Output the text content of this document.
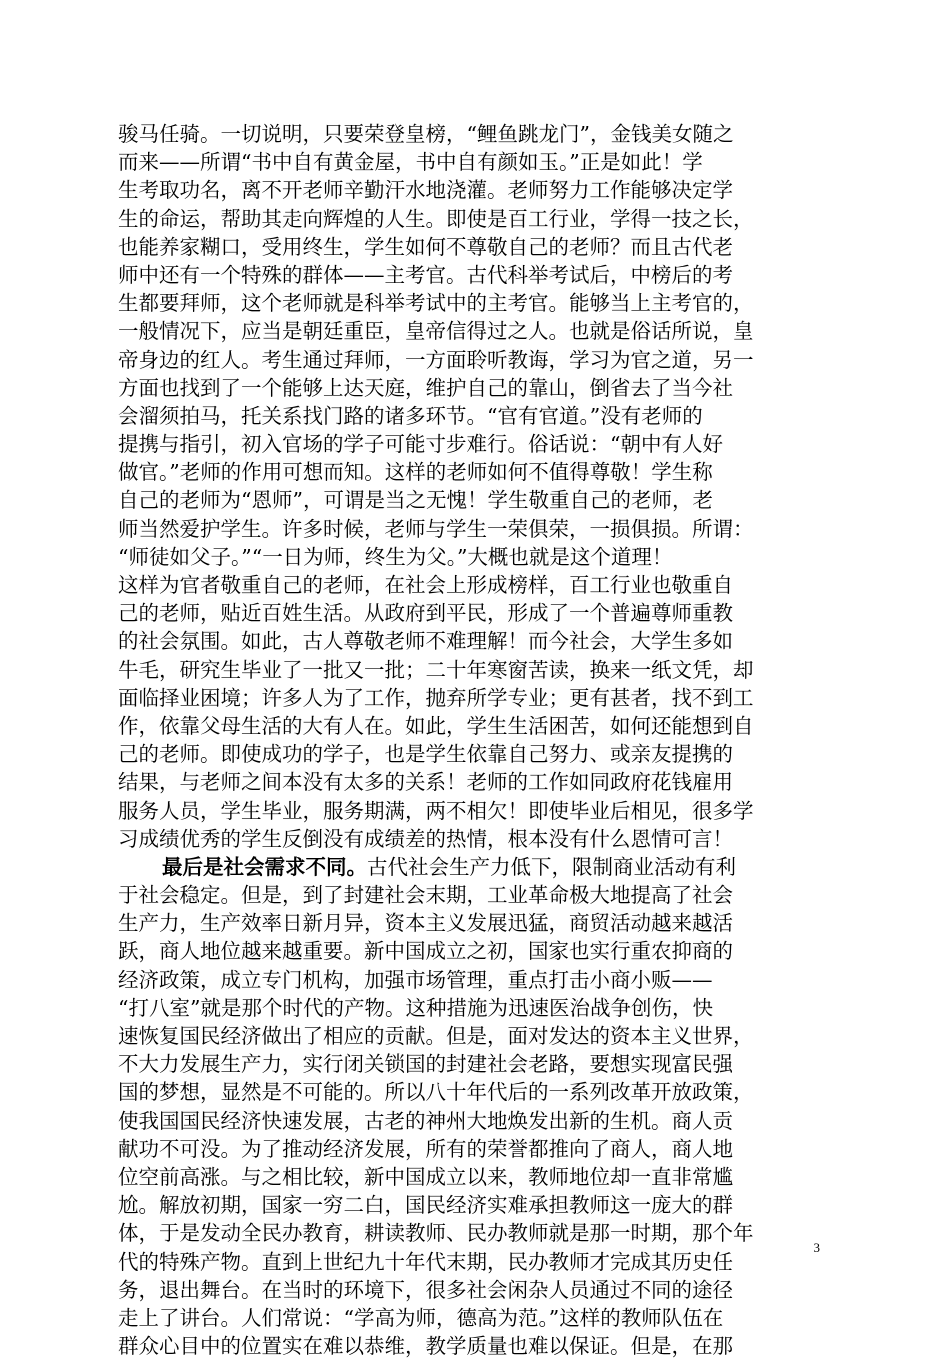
骏马任骑。一切说明，只要荣登皇榜，“鲤鱼跳龙门”，金钱美女随之
而来——所谓“书中自有黄金屋，书中自有颜如玉。”正是如此！学
生考取功名，离不开老师辛勤汗水地浇灌。老师努力工作能够决定学
生的命运，帮助其走向辉煌的人生。即使是百工行业，学得一技之长，
也能养家糊口，受用终生，学生如何不尊敬自己的老师？而且古代老
师中还有一个特殊的群体——主考官。古代科举考试后，中榜后的考
生都要拜师，这个老师就是科举考试中的主考官。能够当上主考官的，
一般情况下，应当是朝廷重臣，皇帝信得过之人。也就是俗话所说，皇
帝身边的红人。考生通过拜师，一方面聆听教诲，学习为官之道，另一
方面也找到了一个能够上达天庭，维护自己的靠山，倒省去了当今社
会溜须拍马，托关系找门路的诸多环节。“官有官道。”没有老师的
提携与指引，初入官场的学子可能寸步难行。俗话说：“朝中有人好
做官。”老师的作用可想而知。这样的老师如何不值得尊敬！学生称
自己的老师为“恩师”，可谓是当之无愧！学生敬重自己的老师，老
师当然爱护学生。许多时候，老师与学生一荣俱荣，一损俱损。所谓：
“师徒如父子。”“一日为师，终生为父。”大概也就是这个道理！
这样为官者敬重自己的老师，在社会上形成榜样，百工行业也敬重自
己的老师，贴近百姓生活。从政府到平民，形成了一个普遍尊师重教
的社会氛围。如此，古人尊敬老师不难理解！而今社会，大学生多如
牛毛，研究生毕业了一批又一批；二十年寒窗苦读，换来一纸文凭，却
面临择业困境；许多人为了工作，抛弃所学专业；更有甚者，找不到工
作，依靠父母生活的大有人在。如此，学生生活困苦，如何还能想到自
己的老师。即使成功的学子，也是学生依靠自己努力、或亲友提携的
结果，与老师之间本没有太多的关系！老师的工作如同政府花钱雇用
服务人员，学生毕业，服务期满，两不相欠！即使毕业后相见，很多学
习成绩优秀的学生反倒没有成绩差的热情，根本没有什么恩情可言！
最后是社会需求不同。古代社会生产力低下，限制商业活动有利
于社会稳定。但是，到了封建社会末期，工业革命极大地提高了社会
生产力，生产效率日新月异，资本主义发展迅猛，商贸活动越来越活
跃，商人地位越来越重要。新中国成立之初，国家也实行重农抑商的
经济政策，成立专门机构，加强市场管理，重点打击小商小贩——
“打八室”就是那个时代的产物。这种措施为迅速医治战争创伤，快
速恢复国民经济做出了相应的贡献。但是，面对发达的资本主义世界，
不大力发展生产力，实行闭关锁国的封建社会老路，要想实现富民强
国的梦想，显然是不可能的。所以八十年代后的一系列改革开放政策，
使我国国民经济快速发展，古老的神州大地焕发出新的生机。商人贡
献功不可没。为了推动经济发展，所有的荣誉都推向了商人，商人地
位空前高涨。与之相比较，新中国成立以来，教师地位却一直非常尴
尬。解放初期，国家一穷二白，国民经济实难承担教师这一庞大的群
体，于是发动全民办教育，耕读教师、民办教师就是那一时期，那个年
代的特殊产物。直到上世纪九十年代末期，民办教师才完成其历史任
务，退出舞台。在当时的环境下，很多社会闲杂人员通过不同的途径
走上了讲台。人们常说：“学高为师，德高为范。”这样的教师队伍在
群众心目中的位置实在难以恭维，教学质量也难以保证。但是，在那
3
